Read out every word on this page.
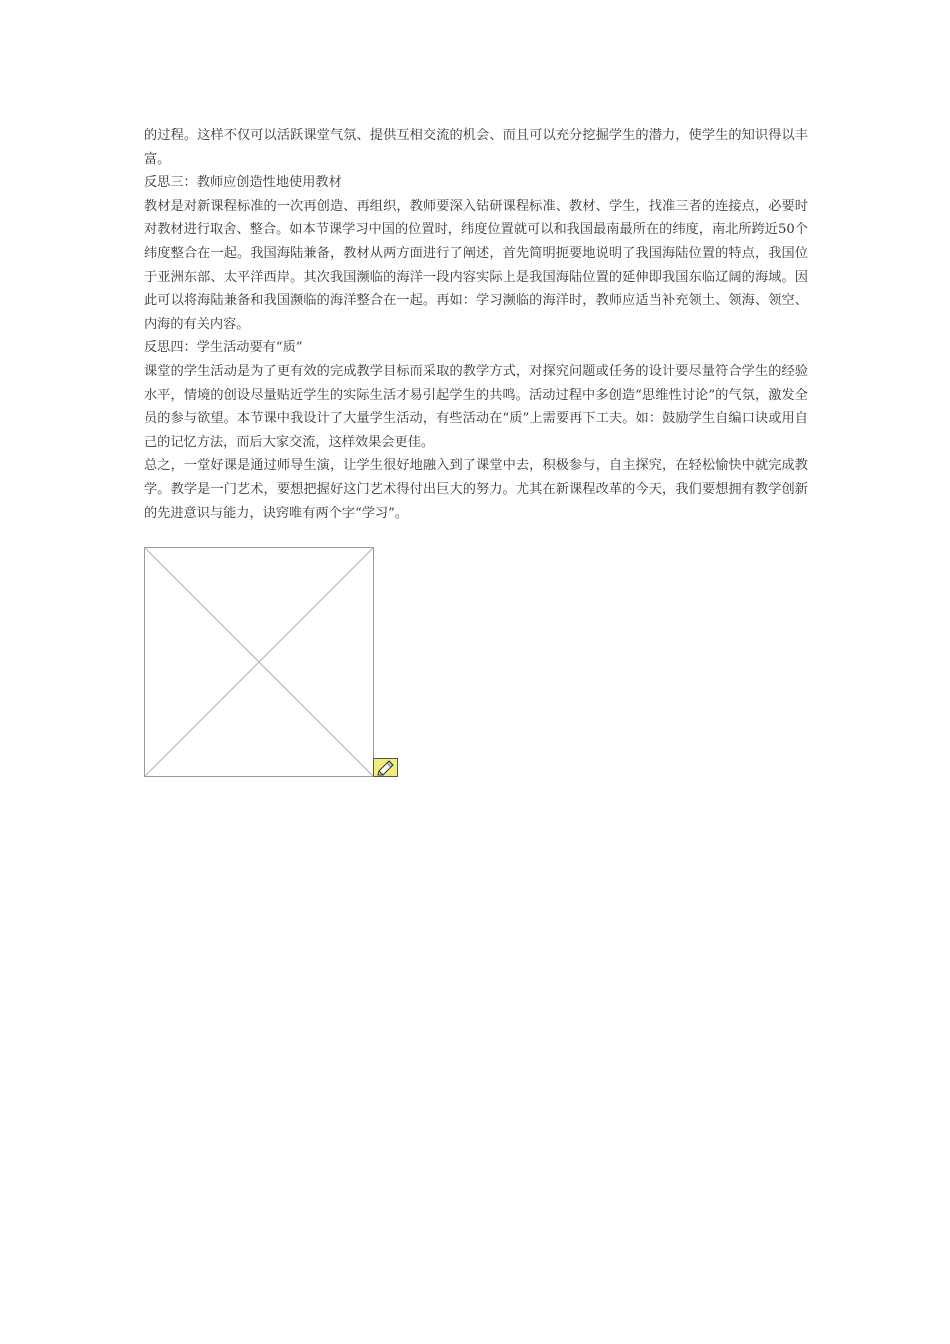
的过程。这样不仅可以活跃课堂气氛、提供互相交流的机会、而且可以充分挖掘学生的潜力，使学生的知识得以丰富。

反思三：教师应创造性地使用教材

教材是对新课程标准的一次再创造、再组织，教师要深入钻研课程标准、教材、学生，找准三者的连接点，必要时对教材进行取舍、整合。如本节课学习中国的位置时，纬度位置就可以和我国最南最所在的纬度，南北所跨近50个纬度整合在一起。我国海陆兼备，教材从两方面进行了阐述，首先简明扼要地说明了我国海陆位置的特点，我国位于亚洲东部、太平洋西岸。其次我国濒临的海洋一段内容实际上是我国海陆位置的延伸即我国东临辽阔的海域。因此可以将海陆兼备和我国濒临的海洋整合在一起。再如：学习濒临的海洋时，教师应适当补充领土、领海、领空、内海的有关内容。

反思四：学生活动要有“质”

课堂的学生活动是为了更有效的完成教学目标而采取的教学方式，对探究问题或任务的设计要尽量符合学生的经验水平，情境的创设尽量贴近学生的实际生活才易引起学生的共鸣。活动过程中多创造“思维性讨论”的气氛，激发全员的参与欲望。本节课中我设计了大量学生活动，有些活动在“质”上需要再下工夫。如：鼓励学生自编口诀或用自己的记忆方法，而后大家交流，这样效果会更佳。

总之，一堂好课是通过师导生演，让学生很好地融入到了课堂中去，积极参与，自主探究，在轻松愉快中就完成教学。教学是一门艺术，要想把握好这门艺术得付出巨大的努力。尤其在新课程改革的今天，我们要想拥有教学创新的先进意识与能力，诀窍唯有两个字“学习”。
